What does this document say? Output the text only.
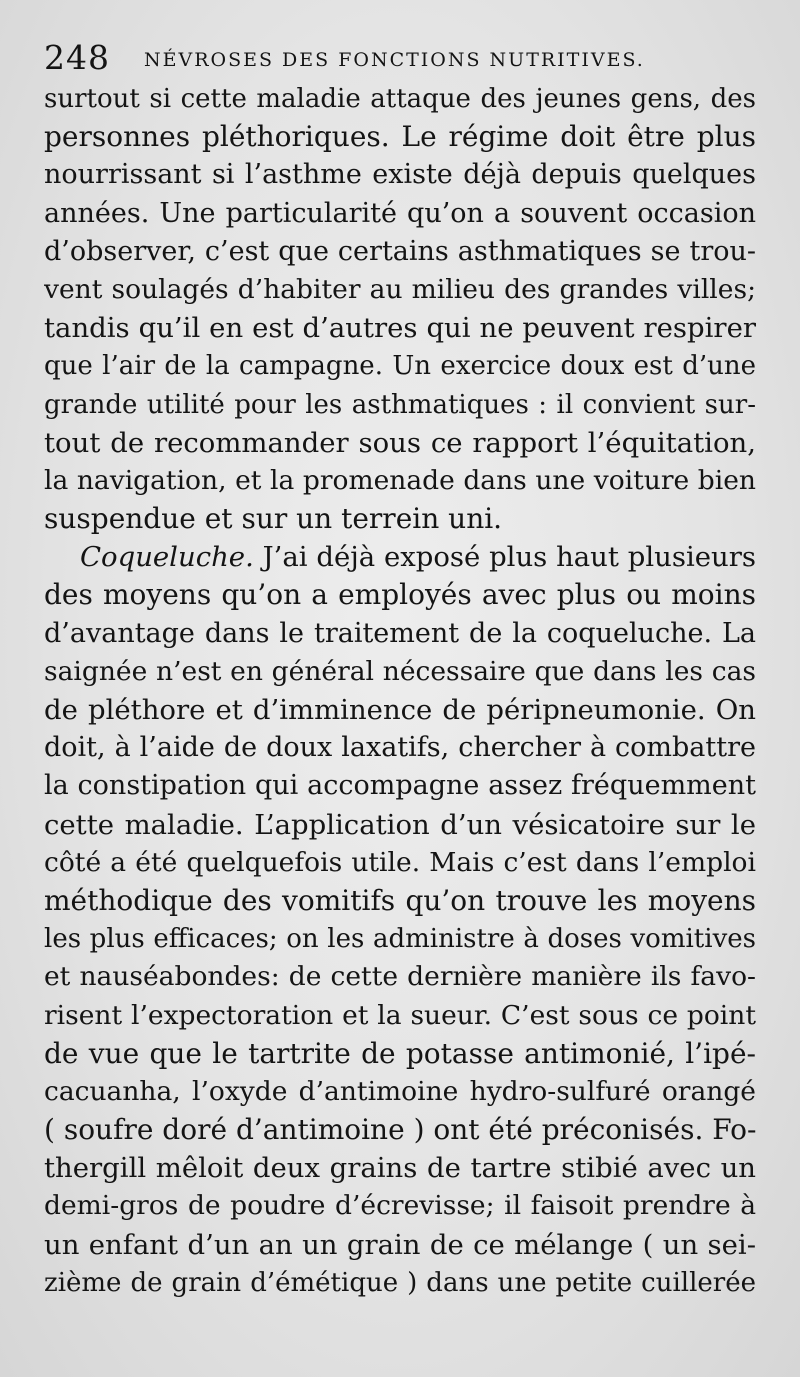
248 NÉVROSES DES FONCTIONS NUTRITIVES.
surtout si cette maladie attaque des jeunes gens, des
personnes pléthoriques. Le régime doit être plus
nourrissant si l’asthme existe déjà depuis quelques
années. Une particularité qu’on a souvent occasion
d’observer, c’est que certains asthmatiques se trou-
vent soulagés d’habiter au milieu des grandes villes;
tandis qu’il en est d’autres qui ne peuvent respirer
que l’air de la campagne. Un exercice doux est d’une
grande utilité pour les asthmatiques : il convient sur-
tout de recommander sous ce rapport l’équitation,
la navigation, et la promenade dans une voiture bien
suspendue et sur un terrein uni.
Coqueluche. J’ai déjà exposé plus haut plusieurs
des moyens qu’on a employés avec plus ou moins
d’avantage dans le traitement de la coqueluche. La
saignée n’est en général nécessaire que dans les cas
de pléthore et d’imminence de péripneumonie. On
doit, à l’aide de doux laxatifs, chercher à combattre
la constipation qui accompagne assez fréquemment
cette maladie. L’application d’un vésicatoire sur le
côté a été quelquefois utile. Mais c’est dans l’emploi
méthodique des vomitifs qu’on trouve les moyens
les plus efficaces; on les administre à doses vomitives
et nauséabondes: de cette dernière manière ils favo-
risent l’expectoration et la sueur. C’est sous ce point
de vue que le tartrite de potasse antimonié, l’ipé-
cacuanha, l’oxyde d’antimoine hydro-sulfuré orangé
( soufre doré d’antimoine ) ont été préconisés. Fo-
thergill mêloit deux grains de tartre stibié avec un
demi-gros de poudre d’écrevisse; il faisoit prendre à
un enfant d’un an un grain de ce mélange ( un sei-
zième de grain d’émétique ) dans une petite cuillerée
